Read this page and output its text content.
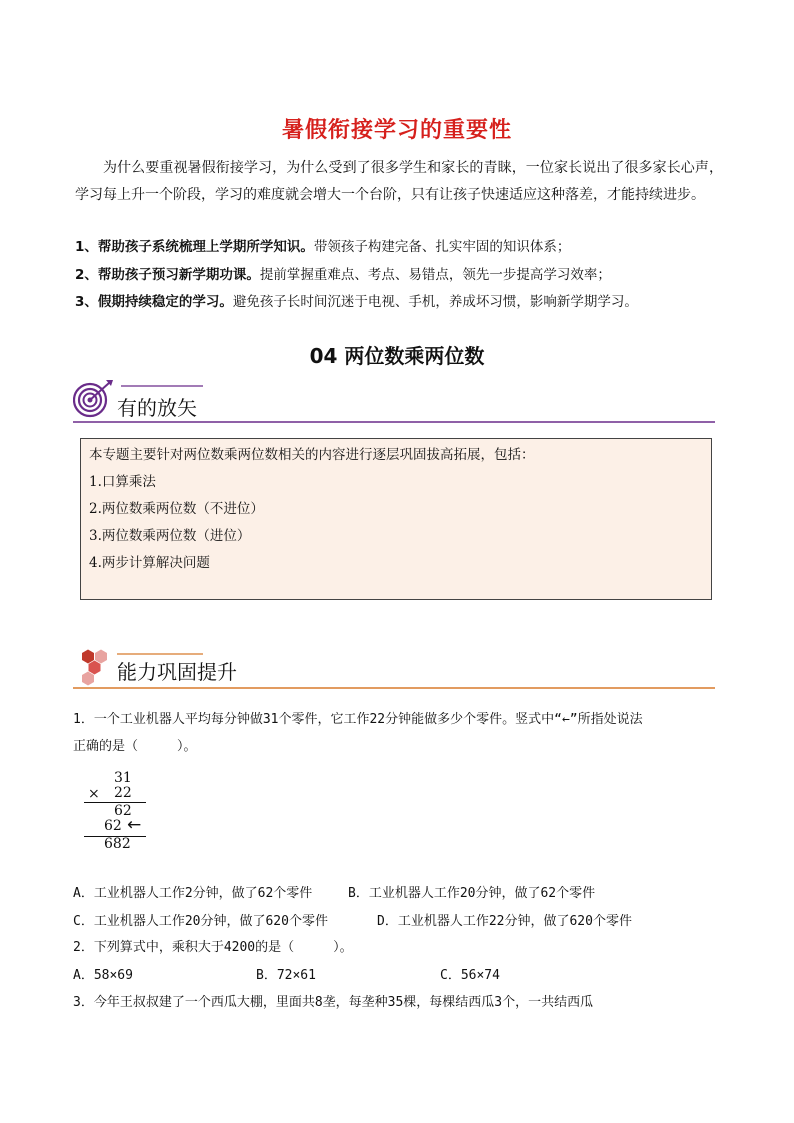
暑假衔接学习的重要性
为什么要重视暑假衔接学习，为什么受到了很多学生和家长的青睐，一位家长说出了很多家长心声，学习每上升一个阶段，学习的难度就会增大一个台阶，只有让孩子快速适应这种落差，才能持续进步。
1、帮助孩子系统梳理上学期所学知识。带领孩子构建完备、扎实牢固的知识体系；
2、帮助孩子预习新学期功课。提前掌握重难点、考点、易错点，领先一步提高学习效率；
3、假期持续稳定的学习。避免孩子长时间沉迷于电视、手机，养成坏习惯，影响新学期学习。
04 两位数乘两位数
有的放矢
本专题主要针对两位数乘两位数相关的内容进行逐层巩固拔高拓展，包括：
1.口算乘法
2.两位数乘两位数（不进位）
3.两位数乘两位数（进位）
4.两步计算解决问题
能力巩固提升
1．一个工业机器人平均每分钟做31个零件，它工作22分钟能做多少个零件。竖式中“←”所指处说法
正确的是（　　　）。
31
× 22
62
62 ←
682
A．工业机器人工作2分钟，做了62个零件	B．工业机器人工作20分钟，做了62个零件
C．工业机器人工作20分钟，做了620个零件	D．工业机器人工作22分钟，做了620个零件
2．下列算式中，乘积大于4200的是（　　　）。
A．58×69	B．72×61	C．56×74
3．今年王叔叔建了一个西瓜大棚，里面共8垄，每垄种35棵，每棵结西瓜3个，一共结西瓜
